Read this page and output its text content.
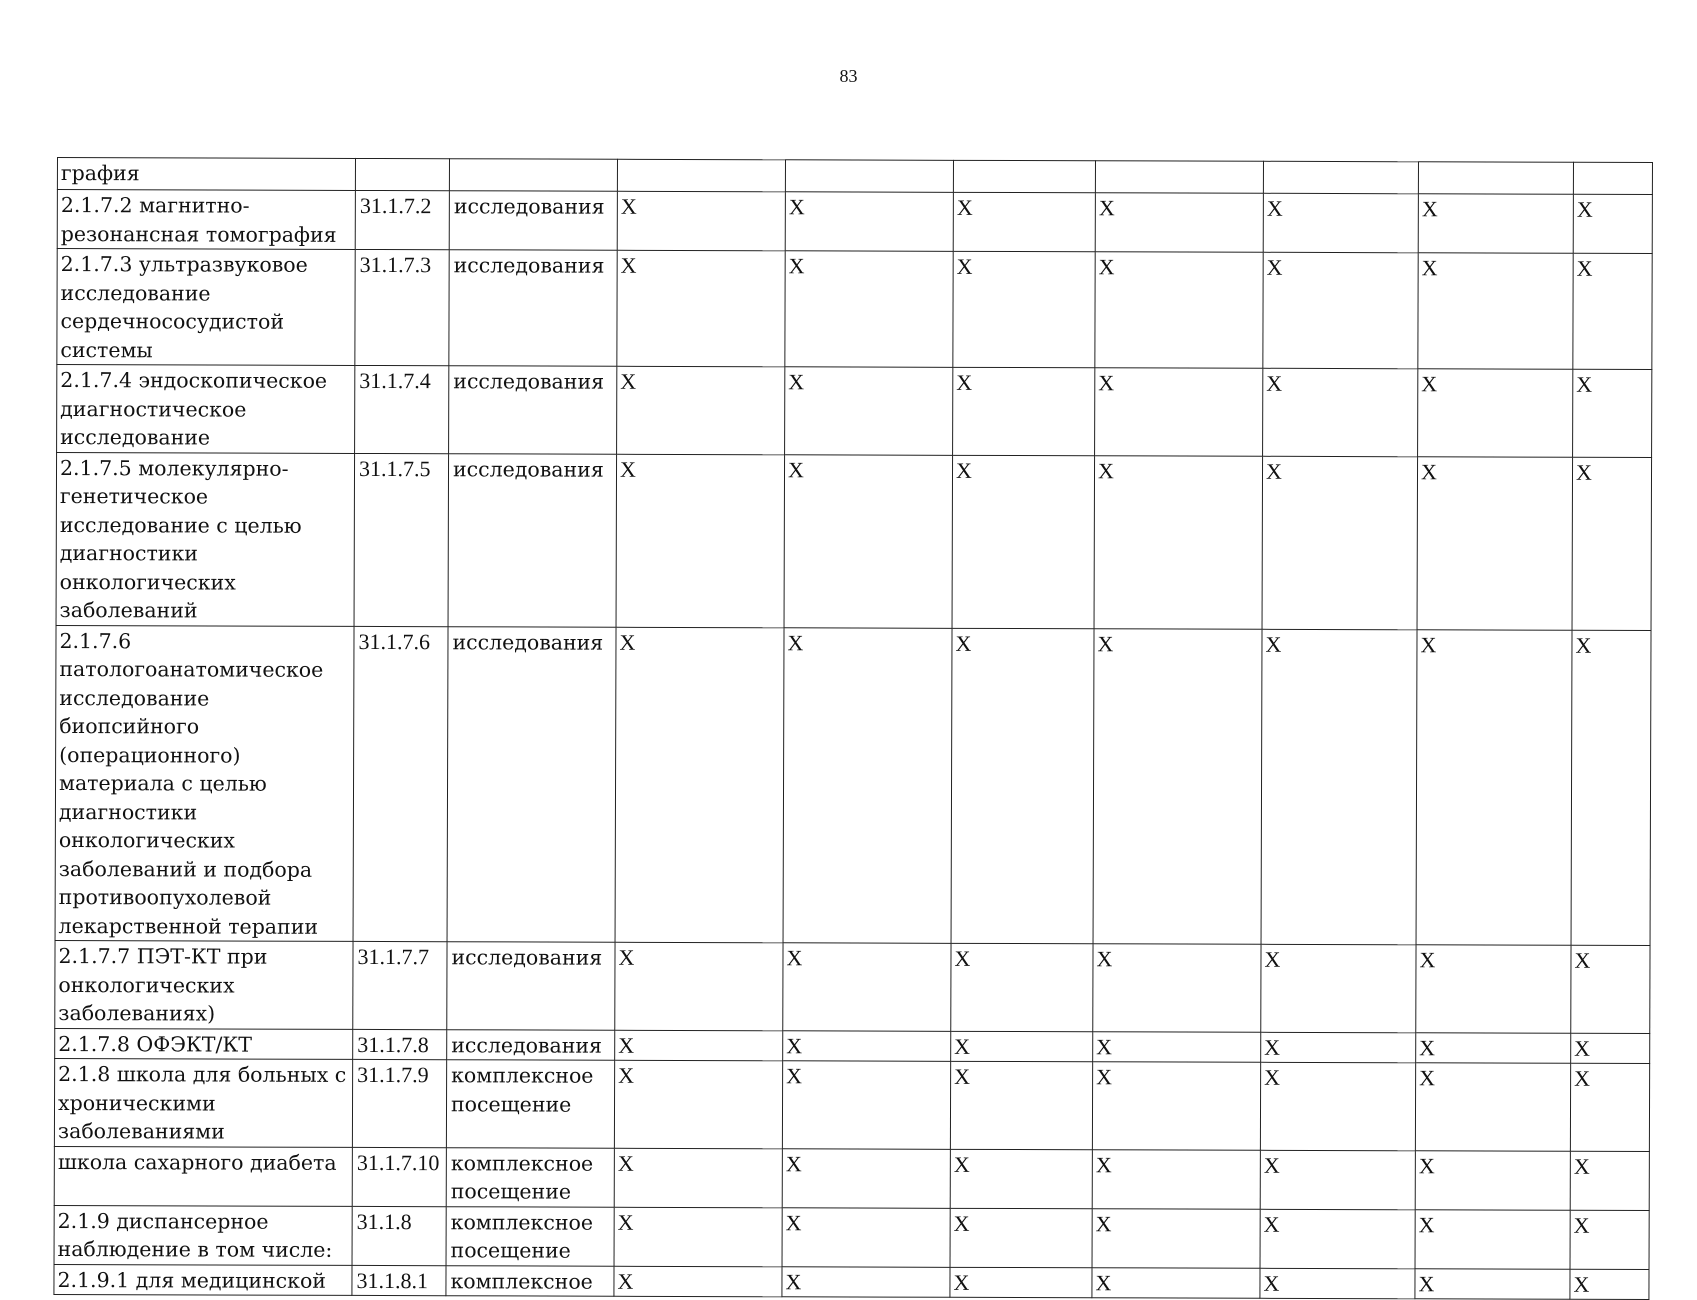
83
графия									
2.1.7.2 магнитно-резонансная томография	31.1.7.2	исследования	X	X	X	X	X	X	X
2.1.7.3 ультразвуковое исследование сердечнососудистой системы	31.1.7.3	исследования	X	X	X	X	X	X	X
2.1.7.4 эндоскопическое диагностическое исследование	31.1.7.4	исследования	X	X	X	X	X	X	X
2.1.7.5 молекулярно-генетическое исследование с целью диагностики онкологических заболеваний	31.1.7.5	исследования	X	X	X	X	X	X	X
2.1.7.6 патологоанатомическое исследование биопсийного (операционного) материала с целью диагностики онкологических заболеваний и подбора противоопухолевой лекарственной терапии	31.1.7.6	исследования	X	X	X	X	X	X	X
2.1.7.7 ПЭТ-КТ при онкологических заболеваниях)	31.1.7.7	исследования	X	X	X	X	X	X	X
2.1.7.8 ОФЭКТ/КТ	31.1.7.8	исследования	X	X	X	X	X	X	X
2.1.8 школа для больных с хроническими заболеваниями	31.1.7.9	комплексное посещение	X	X	X	X	X	X	X
школа сахарного диабета	31.1.7.10	комплексное посещение	X	X	X	X	X	X	X
2.1.9 диспансерное наблюдение в том числе:	31.1.8	комплексное посещение	X	X	X	X	X	X	X
2.1.9.1 для медицинской	31.1.8.1	комплексное	X	X	X	X	X	X	X
